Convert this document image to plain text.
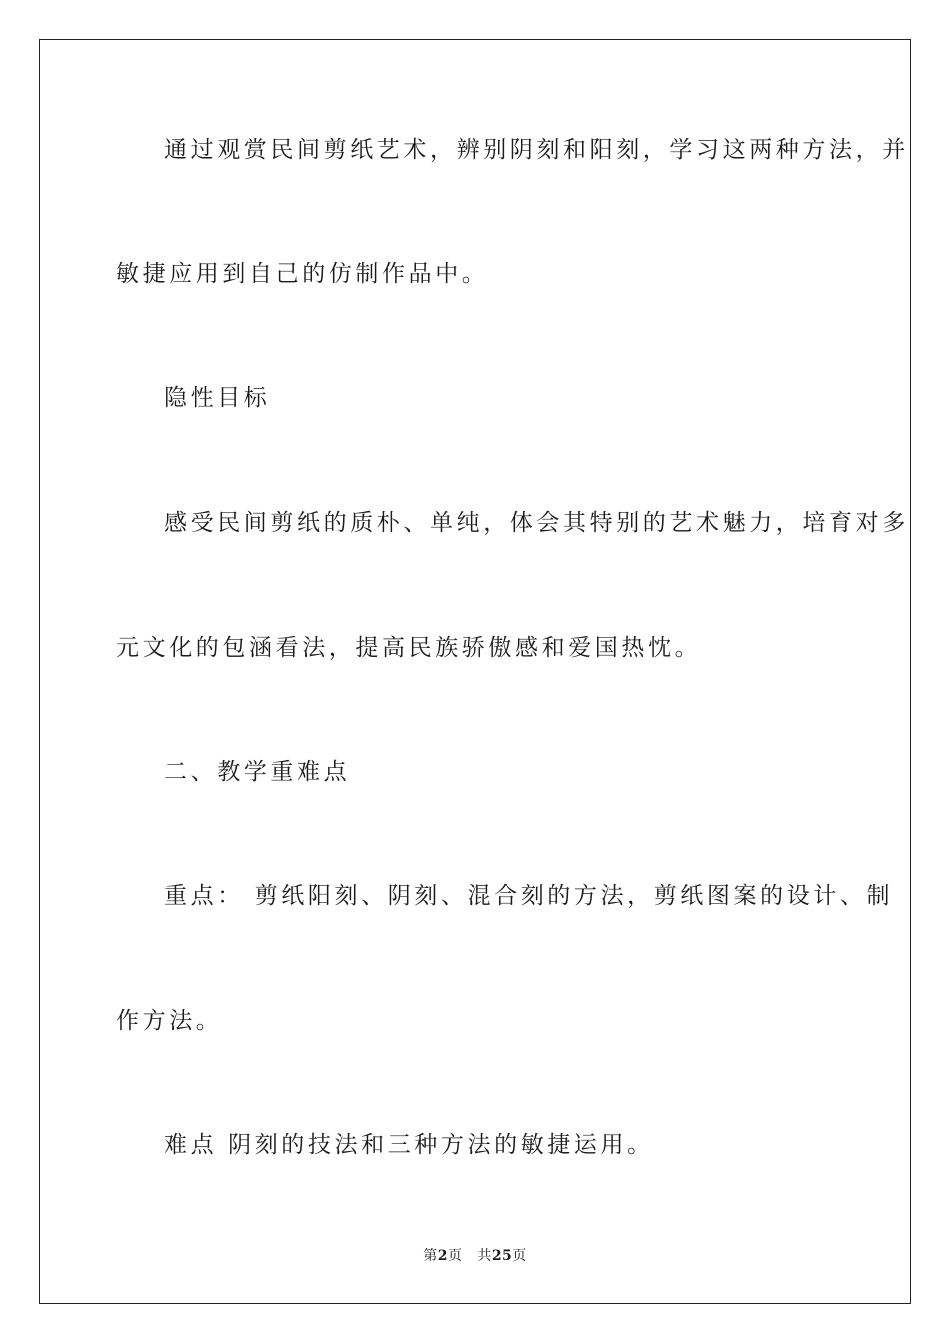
通过观赏民间剪纸艺术，辨别阴刻和阳刻，学习这两种方法，并
敏捷应用到自己的仿制作品中。
隐性目标
感受民间剪纸的质朴、单纯，体会其特别的艺术魅力，培育对多
元文化的包涵看法，提高民族骄傲感和爱国热忱。
二、教学重难点
重点： 剪纸阳刻、阴刻、混合刻的方法，剪纸图案的设计、制
作方法。
难点 阴刻的技法和三种方法的敏捷运用。
第2页 共25页
